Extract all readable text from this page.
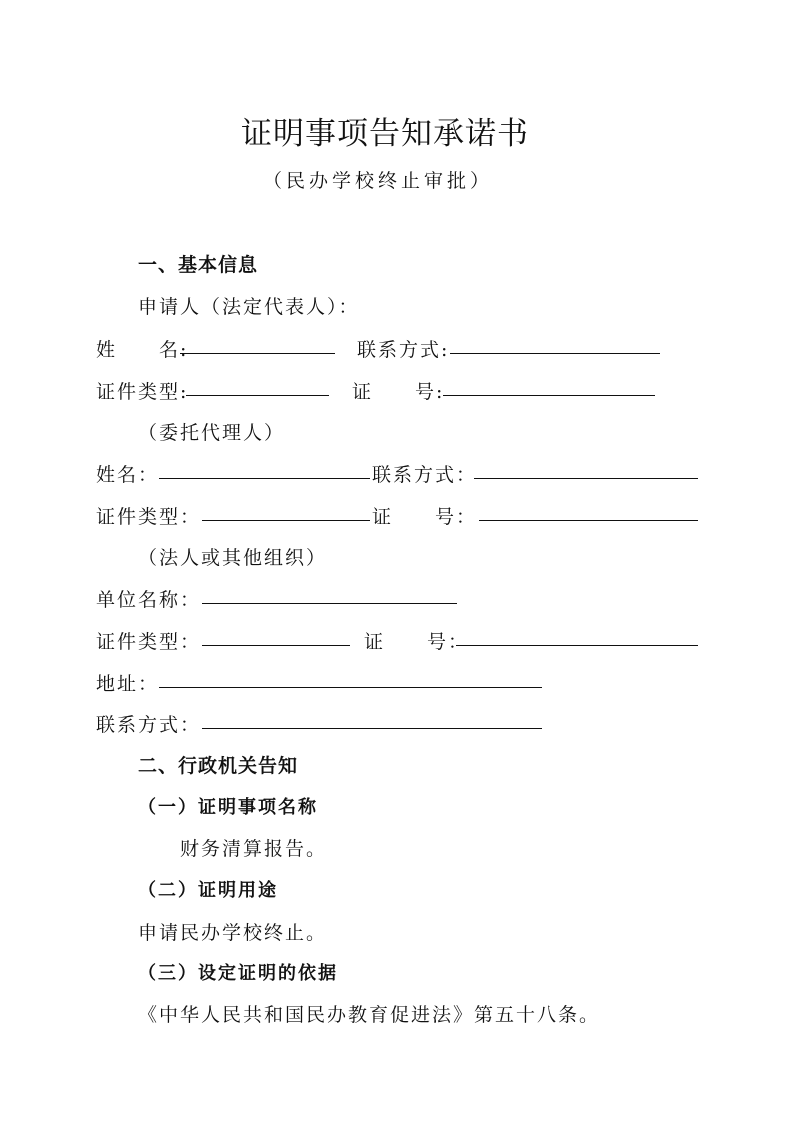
证明事项告知承诺书
（民办学校终止审批）
一、基本信息
申请人（法定代表人）：
姓　　名:	联系方式:
证件类型:	证　　号:
（委托代理人）
姓名：	联系方式：
证件类型：	证　　号：
（法人或其他组织）
单位名称：
证件类型：	证　　号：
地址：
联系方式：
二、行政机关告知
（一）证明事项名称
财务清算报告。
（二）证明用途
申请民办学校终止。
（三）设定证明的依据
《中华人民共和国民办教育促进法》第五十八条。
